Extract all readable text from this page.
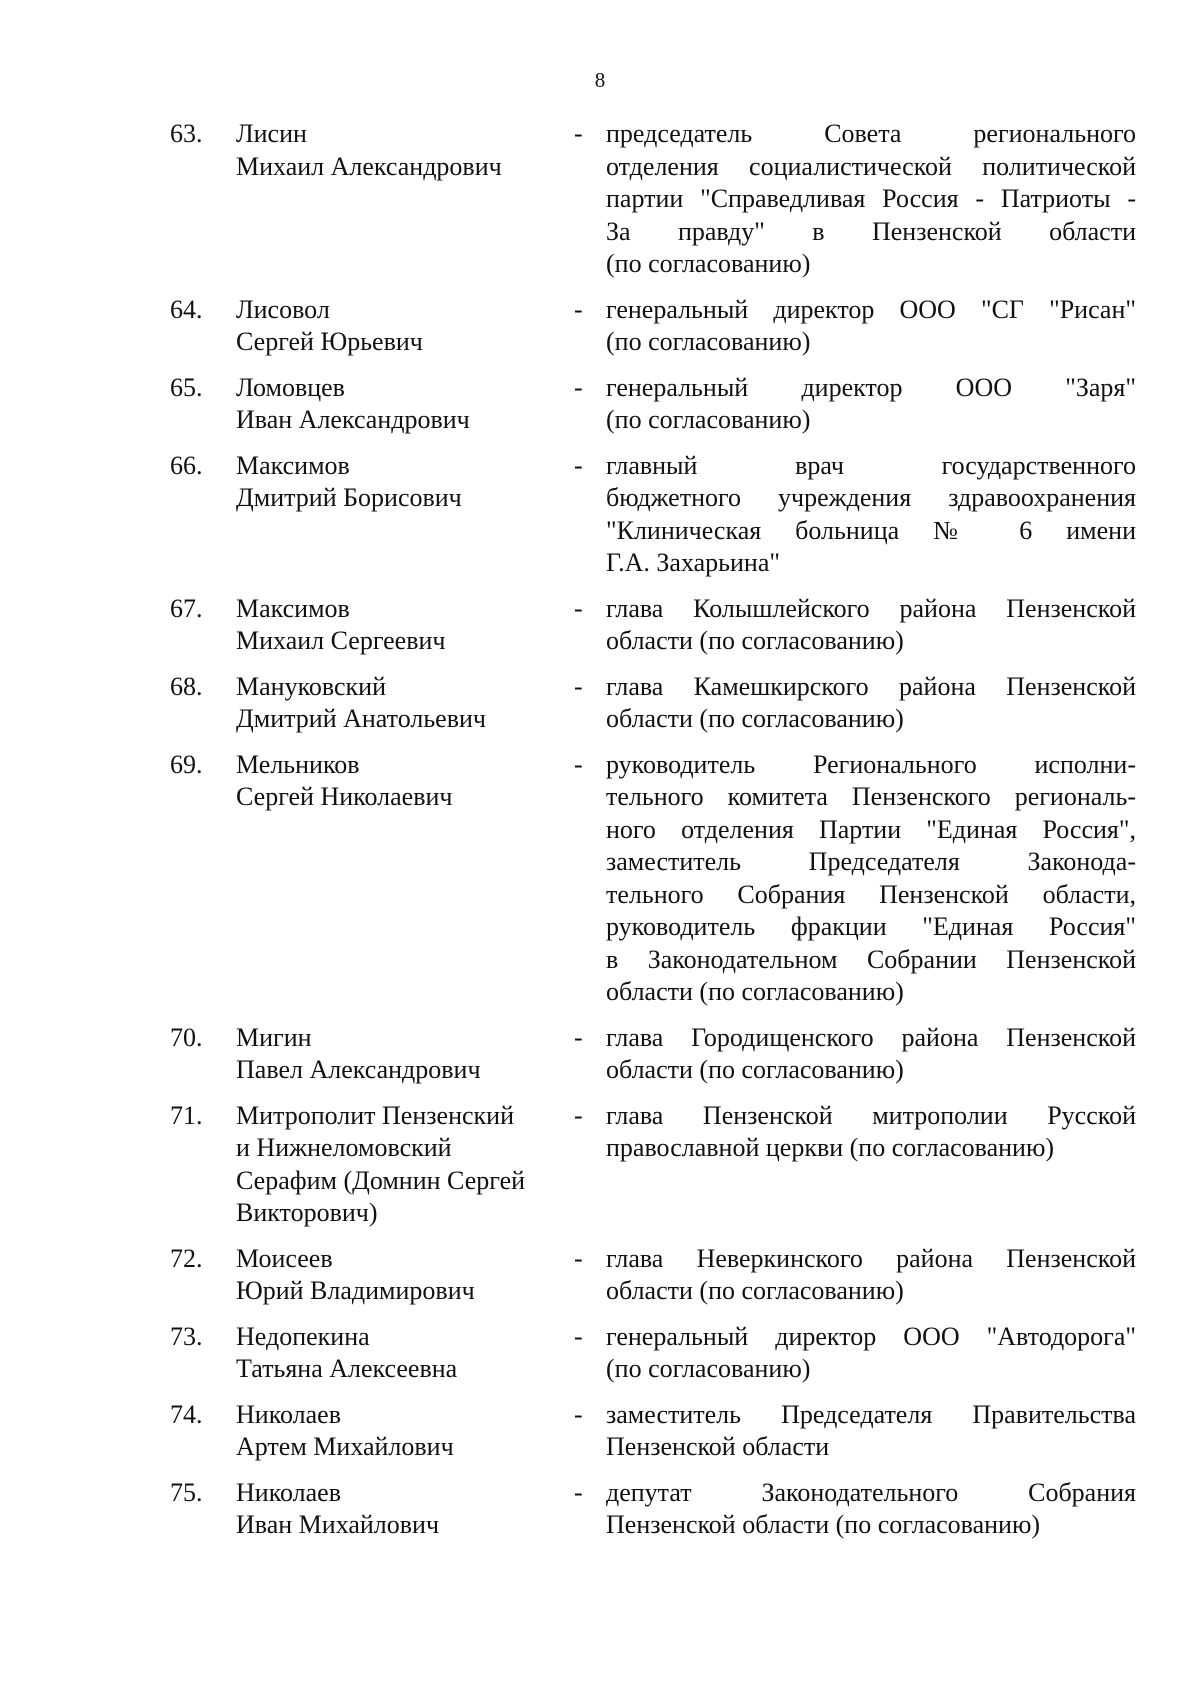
8
63.	Лисин
Михаил Александрович
- председатель Совета регионального
отделения социалистической политической
партии "Справедливая Россия - Патриоты -
За правду" в Пензенской области
(по согласованию)
64.	Лисовол
Сергей Юрьевич
- генеральный директор ООО "СГ "Рисан"
(по согласованию)
65.	Ломовцев
Иван Александрович
- генеральный директор ООО "Заря"
(по согласованию)
66.	Максимов
Дмитрий Борисович
- главный врач государственного
бюджетного учреждения здравоохранения
"Клиническая больница № 6 имени
Г.А. Захарьина"
67.	Максимов
Михаил Сергеевич
- глава Колышлейского района Пензенской
области (по согласованию)
68.	Мануковский
Дмитрий Анатольевич
- глава Камешкирского района Пензенской
области (по согласованию)
69.	Мельников
Сергей Николаевич
- руководитель Регионального исполни-
тельного комитета Пензенского региональ-
ного отделения Партии "Единая Россия",
заместитель Председателя Законода-
тельного Собрания Пензенской области,
руководитель фракции "Единая Россия"
в Законодательном Собрании Пензенской
области (по согласованию)
70.	Мигин
Павел Александрович
- глава Городищенского района Пензенской
области (по согласованию)
71.	Митрополит Пензенский
и Нижнеломовский
Серафим (Домнин Сергей
Викторович)
- глава Пензенской митрополии Русской
православной церкви (по согласованию)
72.	Моисеев
Юрий Владимирович
- глава Неверкинского района Пензенской
области (по согласованию)
73.	Недопекина
Татьяна Алексеевна
- генеральный директор ООО "Автодорога"
(по согласованию)
74.	Николаев
Артем Михайлович
- заместитель Председателя Правительства
Пензенской области
75.	Николаев
Иван Михайлович
- депутат Законодательного Собрания
Пензенской области (по согласованию)
